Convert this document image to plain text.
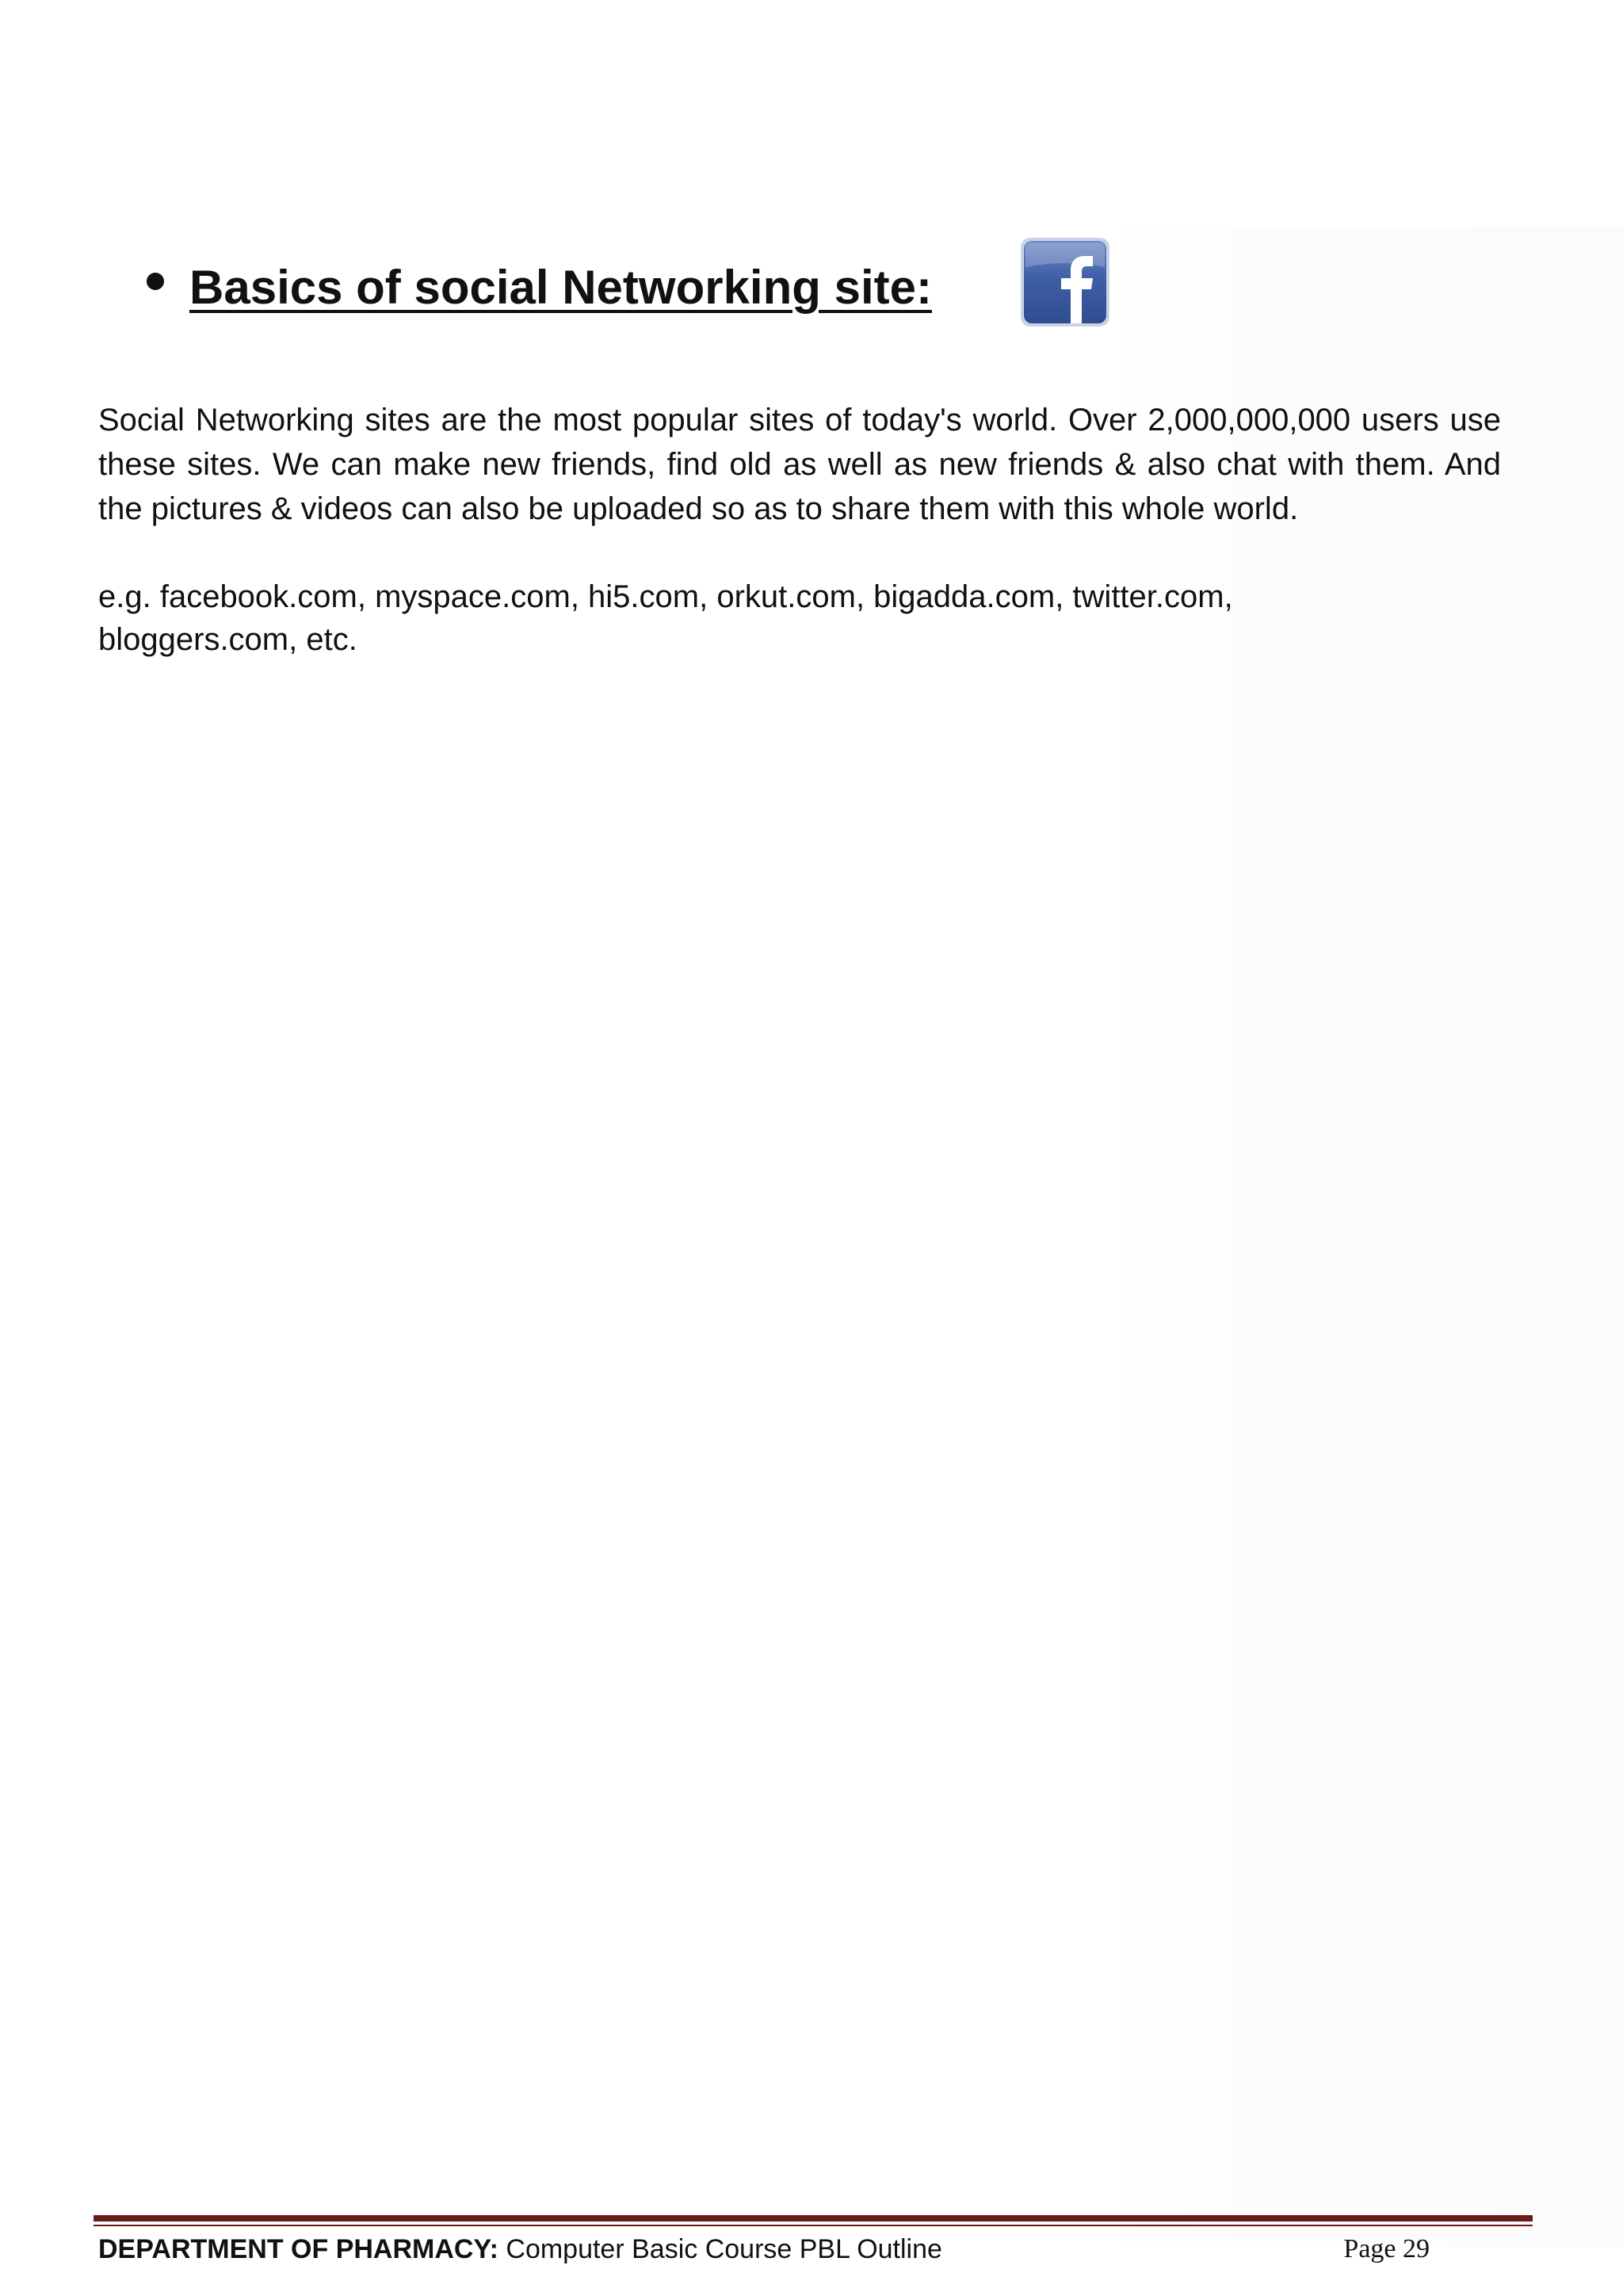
Basics of social Networking site:

Social Networking sites are the most popular sites of today's world. Over 2,000,000,000 users use these sites. We can make new friends, find old as well as new friends & also chat with them. And the pictures & videos can also be uploaded so as to share them with this whole world.

e.g. facebook.com, myspace.com, hi5.com, orkut.com, bigadda.com, twitter.com, bloggers.com, etc.

DEPARTMENT OF PHARMACY: Computer Basic Course PBL Outline	Page 29
